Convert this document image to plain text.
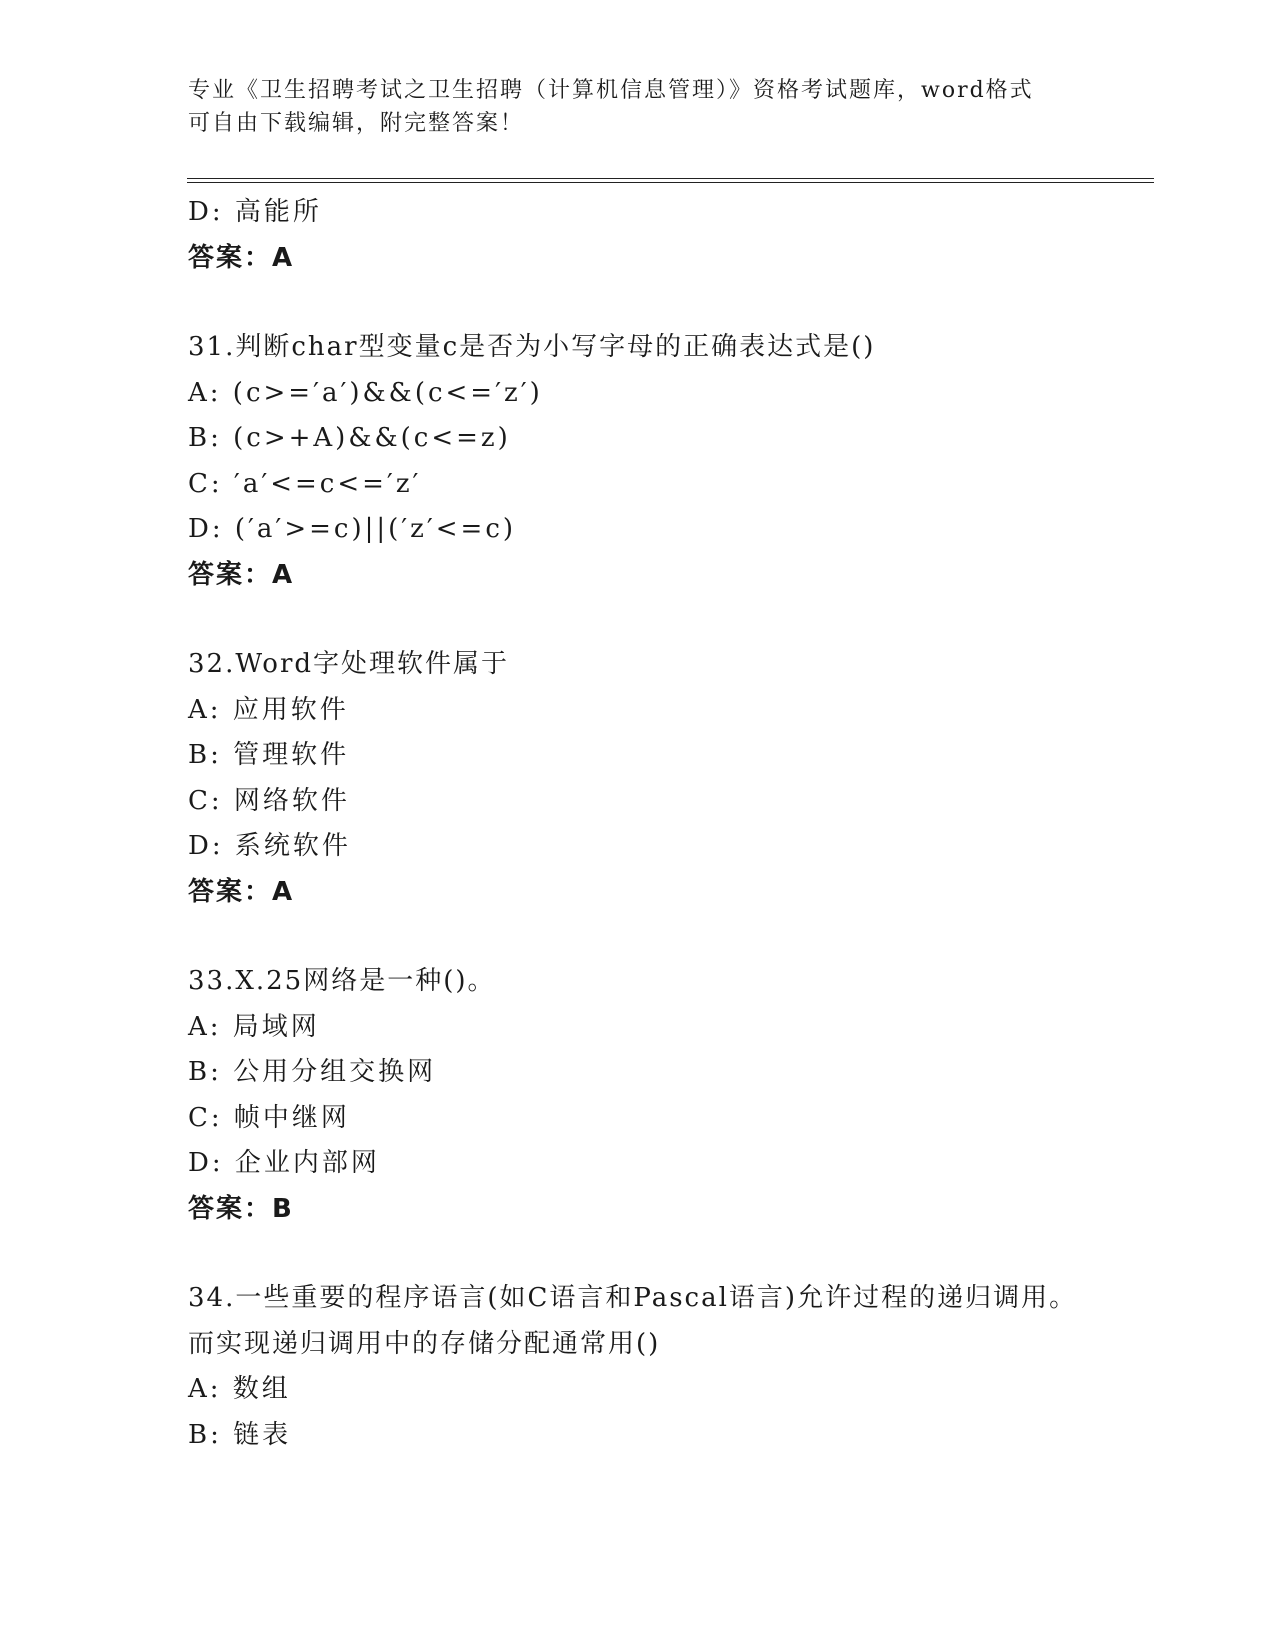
专业《卫生招聘考试之卫生招聘（计算机信息管理）》资格考试题库，word格式
可自由下载编辑，附完整答案！
D: 高能所
答案：A
31.判断char型变量c是否为小写字母的正确表达式是()
A: (c>=′a′)&&(c<=′z′)
B: (c>+A)&&(c<=z)
C: ′a′<=c<=′z′
D: (′a′>=c)||(′z′<=c)
答案：A
32.Word字处理软件属于
A: 应用软件
B: 管理软件
C: 网络软件
D: 系统软件
答案：A
33.X.25网络是一种()。
A: 局域网
B: 公用分组交换网
C: 帧中继网
D: 企业内部网
答案：B
34.一些重要的程序语言(如C语言和Pascal语言)允许过程的递归调用。而实现递归调用中的存储分配通常用()
A: 数组
B: 链表
